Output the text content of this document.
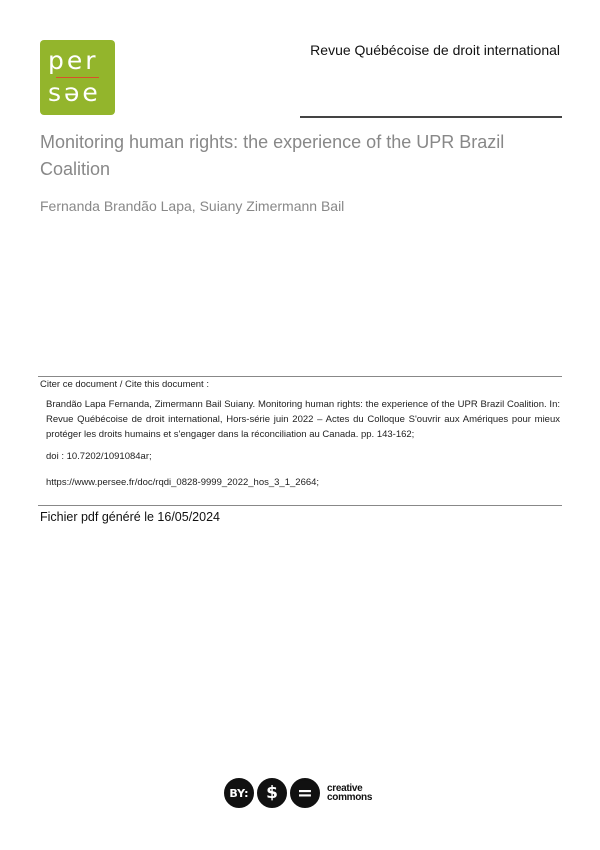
per
sǝe
Revue Québécoise de droit international
Monitoring human rights: the experience of the UPR Brazil Coalition
Fernanda Brandão Lapa, Suiany Zimermann Bail
Citer ce document / Cite this document :
Brandão Lapa Fernanda, Zimermann Bail Suiany. Monitoring human rights: the experience of the UPR Brazil Coalition. In: Revue Québécoise de droit international, Hors-série juin 2022 – Actes du Colloque S'ouvrir aux Amériques pour mieux protéger les droits humains et s'engager dans la réconciliation au Canada. pp. 143-162;
doi : 10.7202/1091084ar;
https://www.persee.fr/doc/rqdi_0828-9999_2022_hos_3_1_2664;
Fichier pdf généré le 16/05/2024
BY:	$	=	creative
commons
